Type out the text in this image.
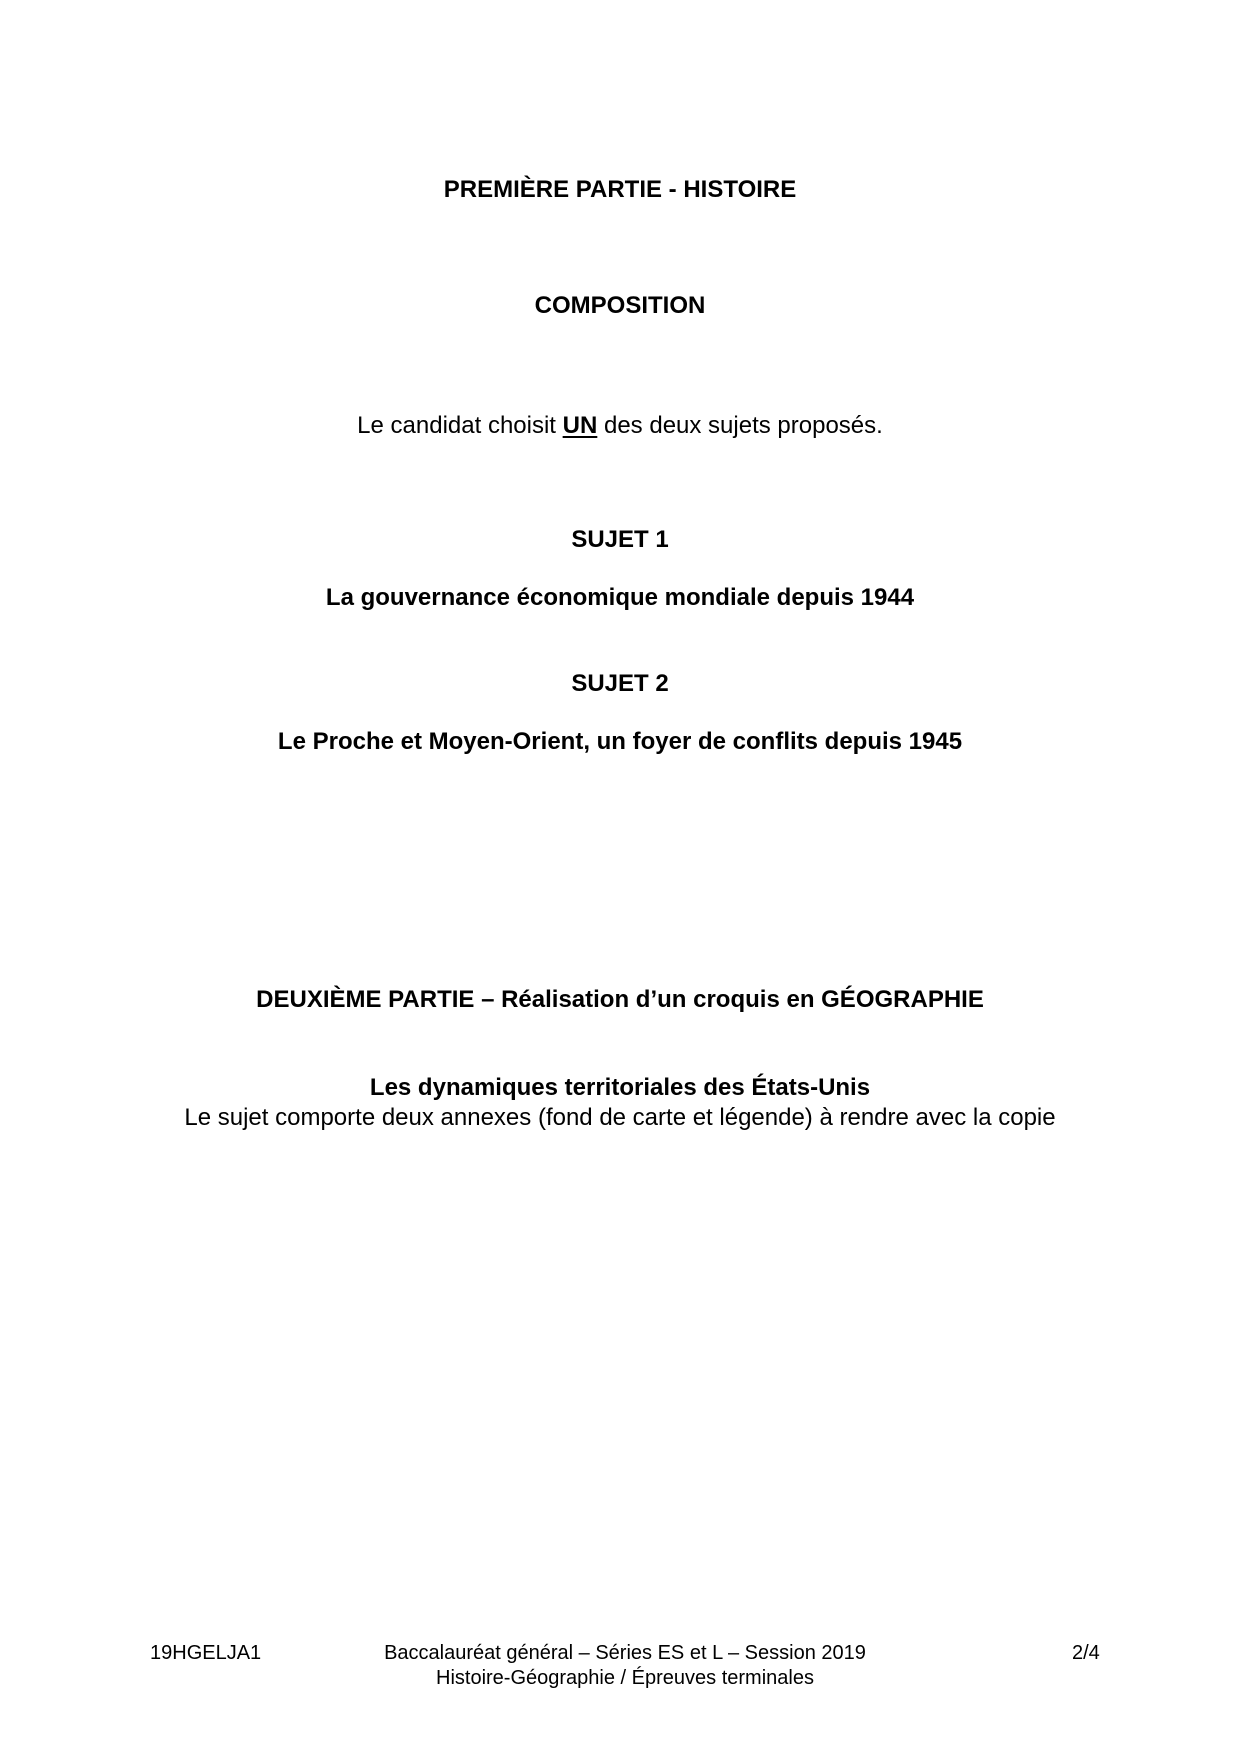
PREMIÈRE PARTIE - HISTOIRE
COMPOSITION
Le candidat choisit UN des deux sujets proposés.
SUJET 1
La gouvernance économique mondiale depuis 1944
SUJET 2
Le Proche et Moyen-Orient, un foyer de conflits depuis 1945
DEUXIÈME PARTIE – Réalisation d’un croquis en GÉOGRAPHIE
Les dynamiques territoriales des États-Unis
Le sujet comporte deux annexes (fond de carte et légende) à rendre avec la copie
19HGELJA1	Baccalauréat général – Séries ES et L – Session 2019
Histoire-Géographie / Épreuves terminales
2/4
